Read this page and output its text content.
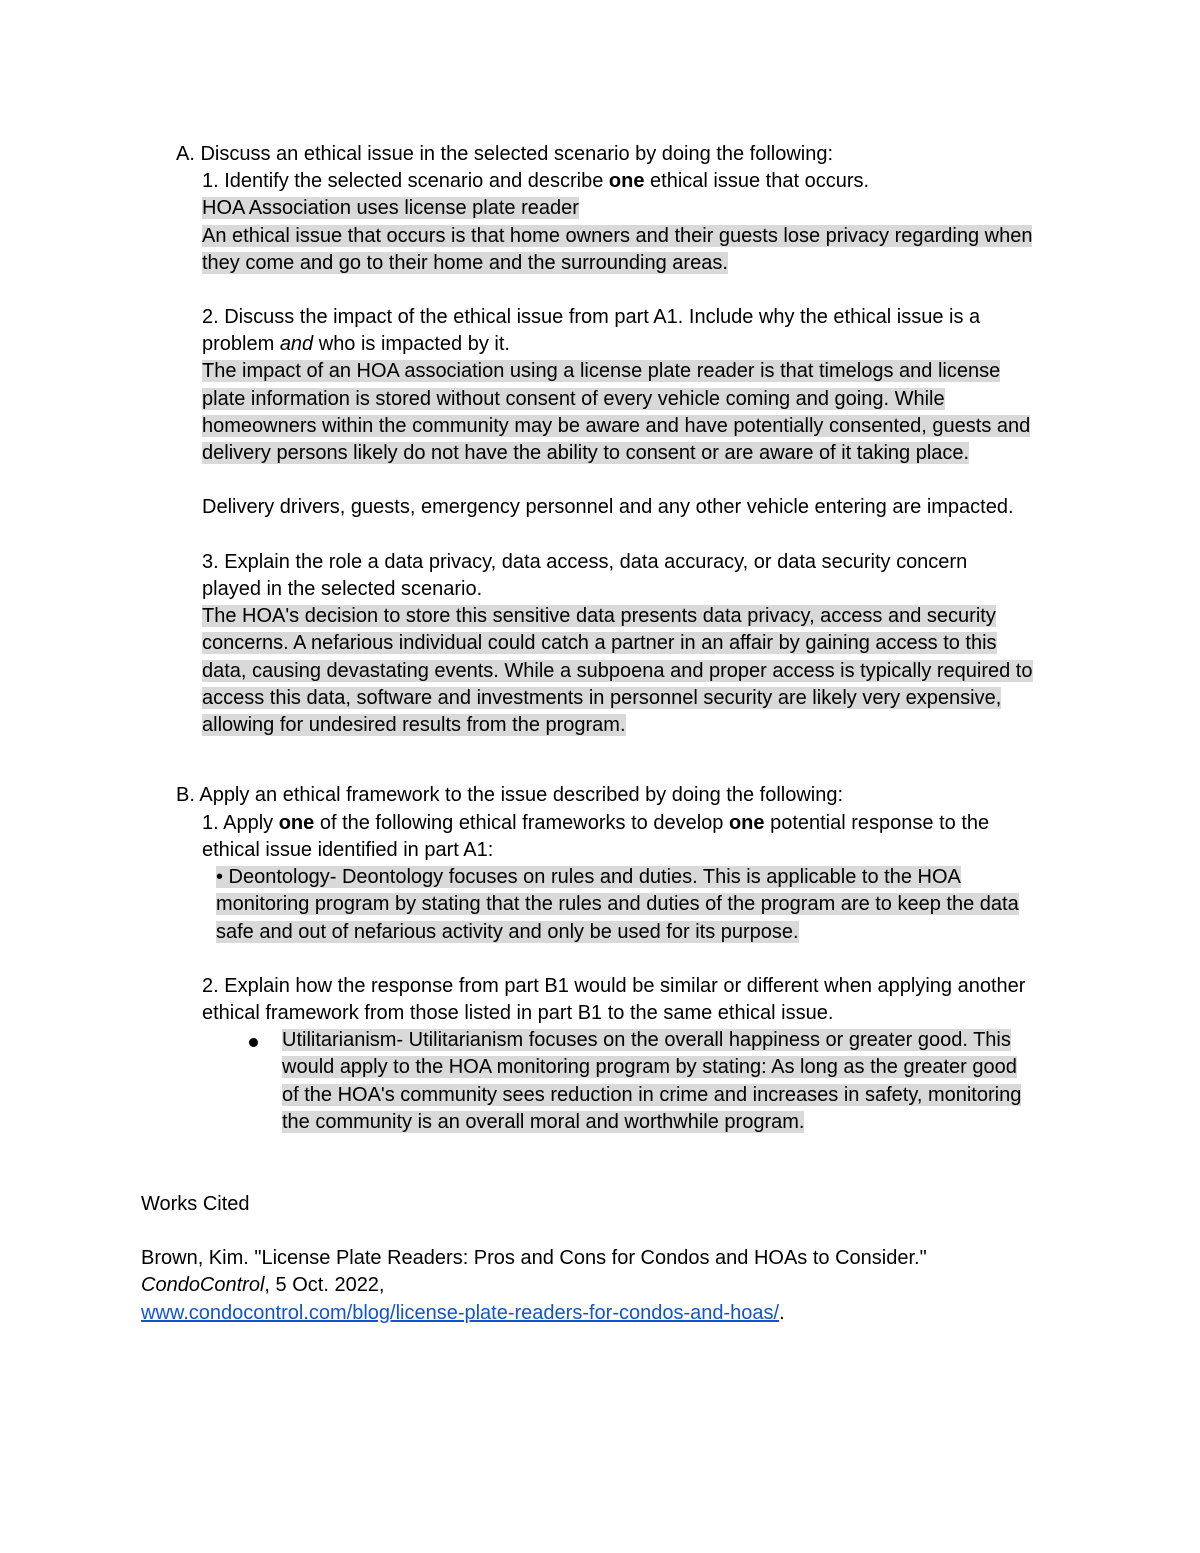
A. Discuss an ethical issue in the selected scenario by doing the following:

1. Identify the selected scenario and describe one ethical issue that occurs.

HOA Association uses license plate reader

An ethical issue that occurs is that home owners and their guests lose privacy regarding when

they come and go to their home and the surrounding areas.

2. Discuss the impact of the ethical issue from part A1. Include why the ethical issue is a

problem and who is impacted by it.

The impact of an HOA association using a license plate reader is that timelogs and license

plate information is stored without consent of every vehicle coming and going. While

homeowners within the community may be aware and have potentially consented, guests and

delivery persons likely do not have the ability to consent or are aware of it taking place.

Delivery drivers, guests, emergency personnel and any other vehicle entering are impacted.

3. Explain the role a data privacy, data access, data accuracy, or data security concern

played in the selected scenario.

The HOA's decision to store this sensitive data presents data privacy, access and security

concerns. A nefarious individual could catch a partner in an affair by gaining access to this

data, causing devastating events. While a subpoena and proper access is typically required to

access this data, software and investments in personnel security are likely very expensive,

allowing for undesired results from the program.

B. Apply an ethical framework to the issue described by doing the following:

1. Apply one of the following ethical frameworks to develop one potential response to the

ethical issue identified in part A1:

• Deontology- Deontology focuses on rules and duties. This is applicable to the HOA

monitoring program by stating that the rules and duties of the program are to keep the data

safe and out of nefarious activity and only be used for its purpose.

2. Explain how the response from part B1 would be similar or different when applying another

ethical framework from those listed in part B1 to the same ethical issue.

Utilitarianism- Utilitarianism focuses on the overall happiness or greater good. This

would apply to the HOA monitoring program by stating: As long as the greater good

of the HOA's community sees reduction in crime and increases in safety, monitoring

the community is an overall moral and worthwhile program.

Works Cited

Brown, Kim. "License Plate Readers: Pros and Cons for Condos and HOAs to Consider."

CondoControl, 5 Oct. 2022,

www.condocontrol.com/blog/license-plate-readers-for-condos-and-hoas/.
